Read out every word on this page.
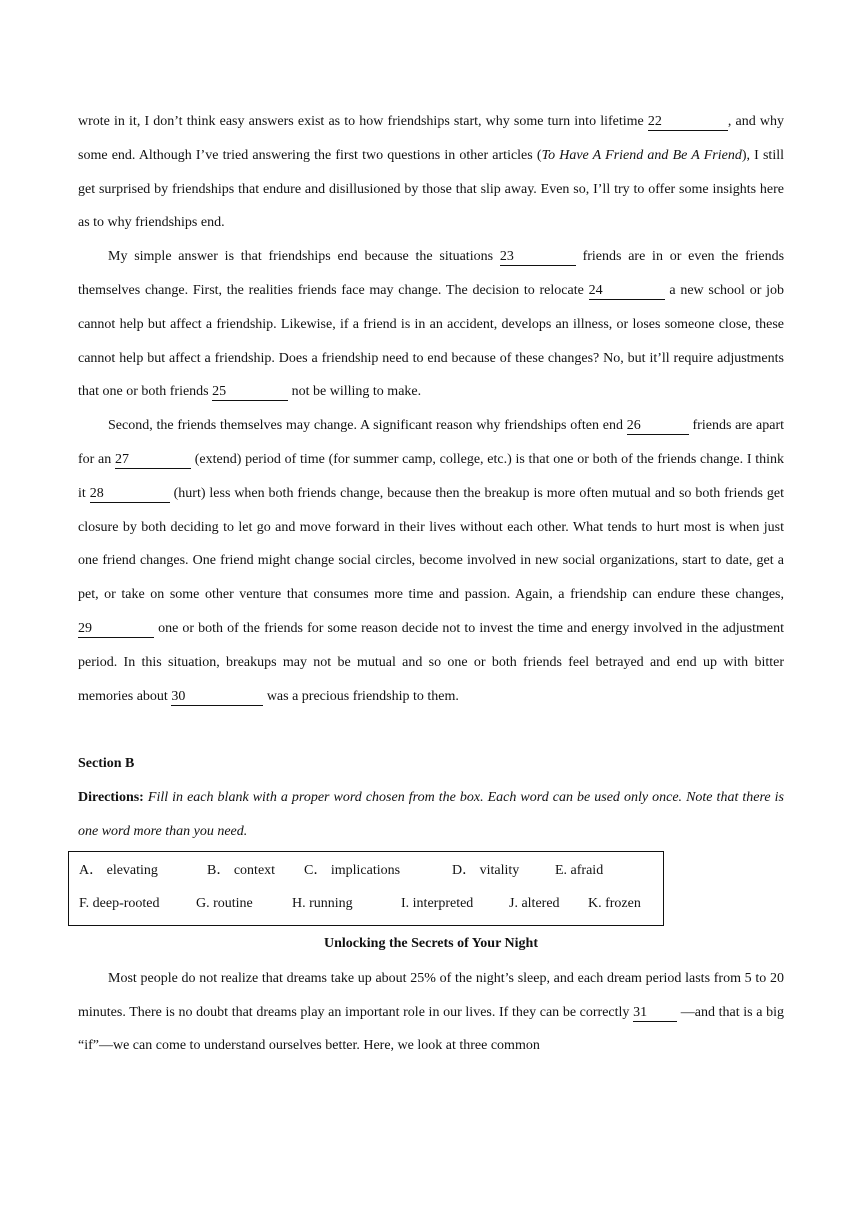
wrote in it, I don’t think easy answers exist as to how friendships start, why some turn into lifetime 22	, and why some end. Although I’ve tried answering the first two questions in other articles (To Have A Friend and Be A Friend), I still get surprised by friendships that endure and disillusioned by those that slip away. Even so, I’ll try to offer some insights here as to why friendships end.

My simple answer is that friendships end because the situations 23	friends are in or even the friends themselves change. First, the realities friends face may change. The decision to relocate 24	a new school or job cannot help but affect a friendship. Likewise, if a friend is in an accident, develops an illness, or loses someone close, these cannot help but affect a friendship. Does a friendship need to end because of these changes? No, but it’ll require adjustments that one or both friends 25	not be willing to make.

Second, the friends themselves may change. A significant reason why friendships often end 26	friends are apart for an 27	(extend) period of time (for summer camp, college, etc.) is that one or both of the friends change. I think it 28	(hurt) less when both friends change, because then the breakup is more often mutual and so both friends get closure by both deciding to let go and move forward in their lives without each other. What tends to hurt most is when just one friend changes. One friend might change social circles, become involved in new social organizations, start to date, get a pet, or take on some other venture that consumes more time and passion. Again, a friendship can endure these changes, 29	one or both of the friends for some reason decide not to invest the time and energy involved in the adjustment period. In this situation, breakups may not be mutual and so one or both friends feel betrayed and end up with bitter memories about 30	was a precious friendship to them.

Section B

Directions: Fill in each blank with a proper word chosen from the box. Each word can be used only once. Note that there is one word more than you need.

A． elevating	B． context	C． implications	D． vitality	E. afraid
F. deep-rooted	G. routine	H. running	I. interpreted	J. altered	K. frozen
Unlocking the Secrets of Your Night

Most people do not realize that dreams take up about 25% of the night’s sleep, and each dream period lasts from 5 to 20 minutes. There is no doubt that dreams play an important role in our lives. If they can be correctly 31 —and that is a big “if”—we can come to understand ourselves better. Here, we look at three common
